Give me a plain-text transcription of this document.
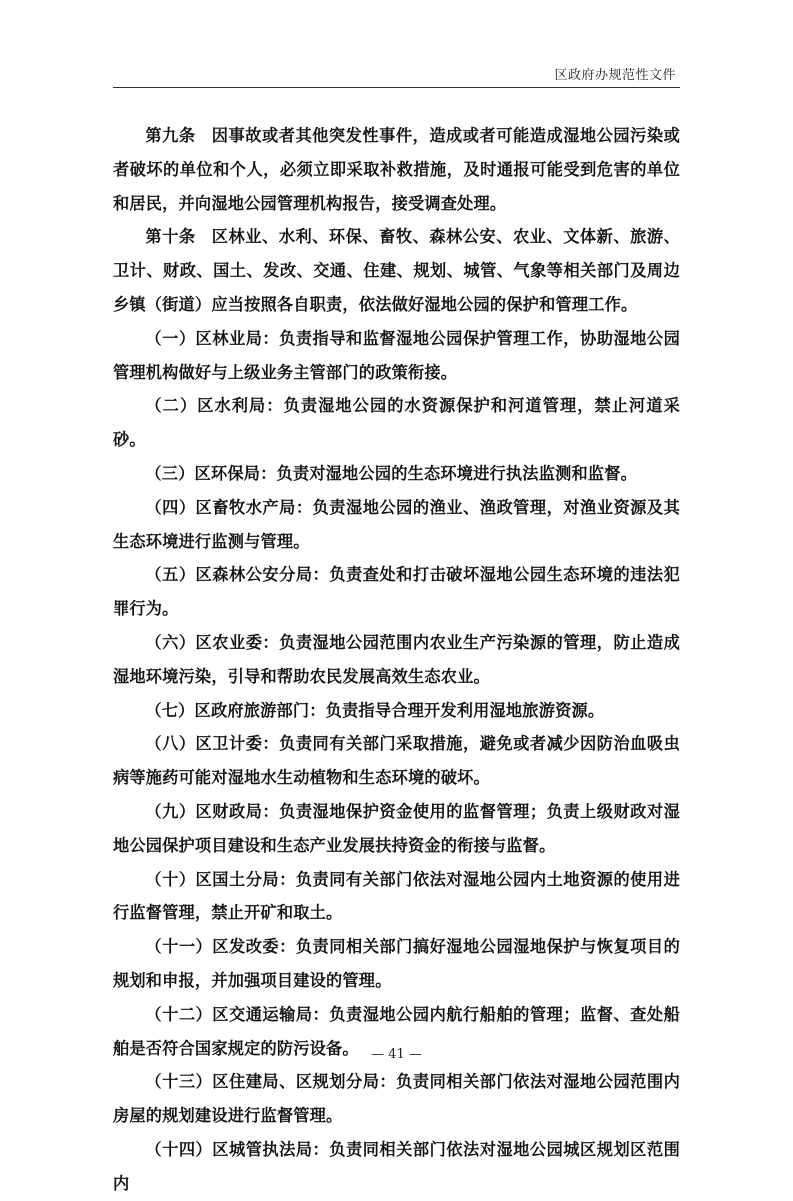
区政府办规范性文件

第九条 因事故或者其他突发性事件，造成或者可能造成湿地公园污染或者破坏的单位和个人，必须立即采取补救措施，及时通报可能受到危害的单位和居民，并向湿地公园管理机构报告，接受调查处理。

第十条 区林业、水利、环保、畜牧、森林公安、农业、文体新、旅游、卫计、财政、国土、发改、交通、住建、规划、城管、气象等相关部门及周边乡镇（街道）应当按照各自职责，依法做好湿地公园的保护和管理工作。

（一）区林业局：负责指导和监督湿地公园保护管理工作，协助湿地公园管理机构做好与上级业务主管部门的政策衔接。

（二）区水利局：负责湿地公园的水资源保护和河道管理，禁止河道采砂。

（三）区环保局：负责对湿地公园的生态环境进行执法监测和监督。

（四）区畜牧水产局：负责湿地公园的渔业、渔政管理，对渔业资源及其生态环境进行监测与管理。

（五）区森林公安分局：负责查处和打击破坏湿地公园生态环境的违法犯罪行为。

（六）区农业委：负责湿地公园范围内农业生产污染源的管理，防止造成湿地环境污染，引导和帮助农民发展高效生态农业。

（七）区政府旅游部门：负责指导合理开发利用湿地旅游资源。

（八）区卫计委：负责同有关部门采取措施，避免或者减少因防治血吸虫病等施药可能对湿地水生动植物和生态环境的破坏。

（九）区财政局：负责湿地保护资金使用的监督管理；负责上级财政对湿地公园保护项目建设和生态产业发展扶持资金的衔接与监督。

（十）区国土分局：负责同有关部门依法对湿地公园内土地资源的使用进行监督管理，禁止开矿和取土。

（十一）区发改委：负责同相关部门搞好湿地公园湿地保护与恢复项目的规划和申报，并加强项目建设的管理。

（十二）区交通运输局：负责湿地公园内航行船舶的管理；监督、查处船舶是否符合国家规定的防污设备。

（十三）区住建局、区规划分局：负责同相关部门依法对湿地公园范围内房屋的规划建设进行监督管理。

（十四）区城管执法局：负责同相关部门依法对湿地公园城区规划区范围内

— 41 —
